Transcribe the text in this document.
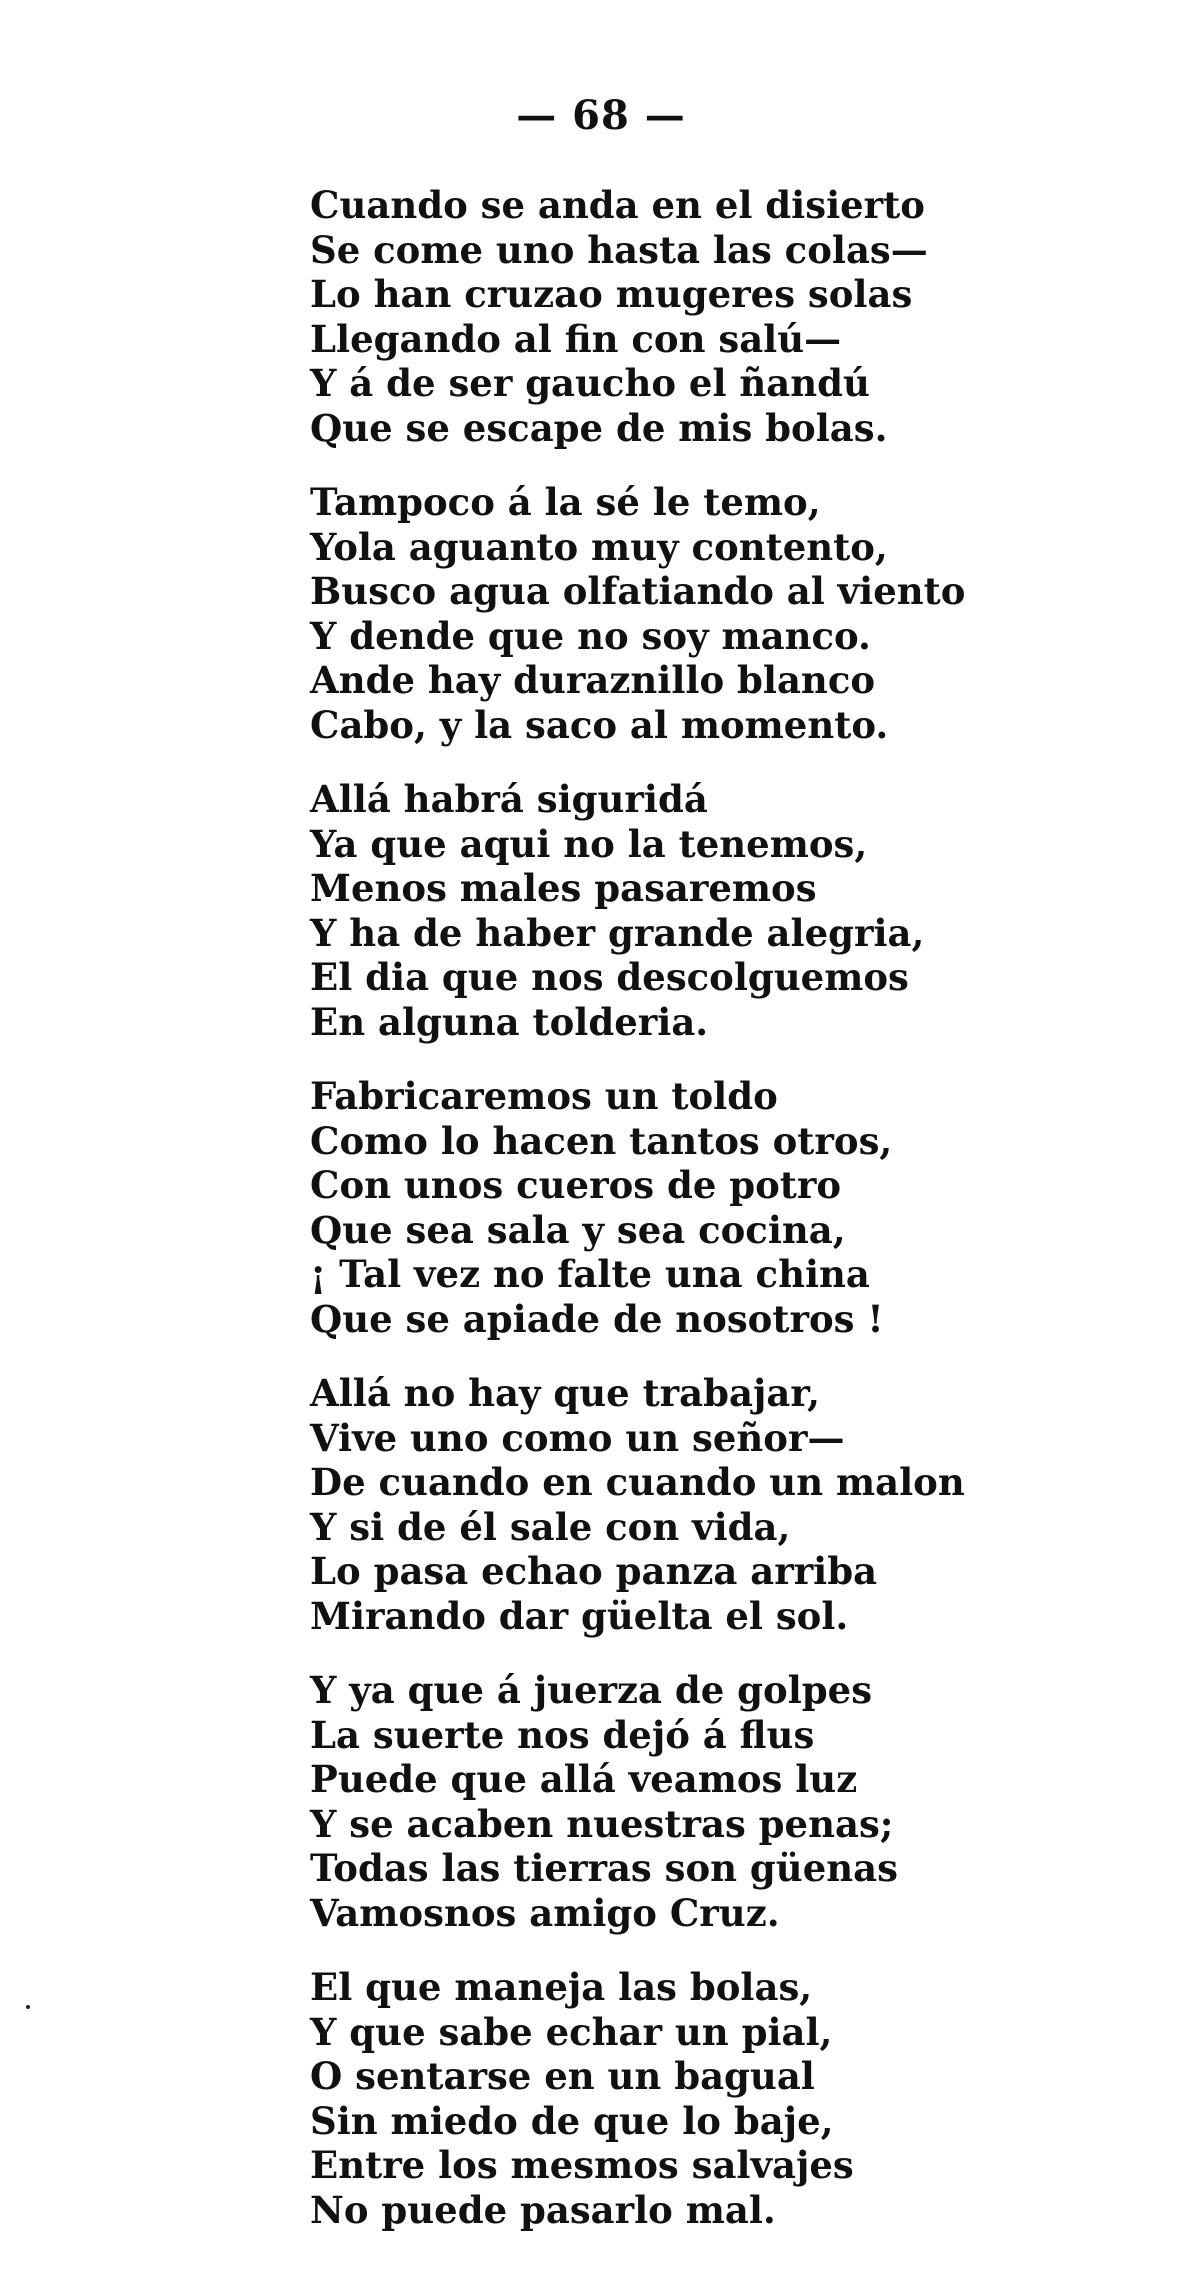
— 68 —
Cuando se anda en el disierto
Se come uno hasta las colas—
Lo han cruzao mugeres solas
Llegando al fin con salú—
Y á de ser gaucho el ñandú
Que se escape de mis bolas.
Tampoco á la sé le temo,
Yola aguanto muy contento,
Busco agua olfatiando al viento
Y dende que no soy manco.
Ande hay duraznillo blanco
Cabo, y la saco al momento.
Allá habrá siguridá
Ya que aqui no la tenemos,
Menos males pasaremos
Y ha de haber grande alegria,
El dia que nos descolguemos
En alguna tolderia.
Fabricaremos un toldo
Como lo hacen tantos otros,
Con unos cueros de potro
Que sea sala y sea cocina,
¡ Tal vez no falte una china
Que se apiade de nosotros !
Allá no hay que trabajar,
Vive uno como un señor—
De cuando en cuando un malon
Y si de él sale con vida,
Lo pasa echao panza arriba
Mirando dar güelta el sol.
Y ya que á juerza de golpes
La suerte nos dejó á flus
Puede que allá veamos luz
Y se acaben nuestras penas;
Todas las tierras son güenas
Vamosnos amigo Cruz.
El que maneja las bolas,
Y que sabe echar un pial,
O sentarse en un bagual
Sin miedo de que lo baje,
Entre los mesmos salvajes
No puede pasarlo mal.
